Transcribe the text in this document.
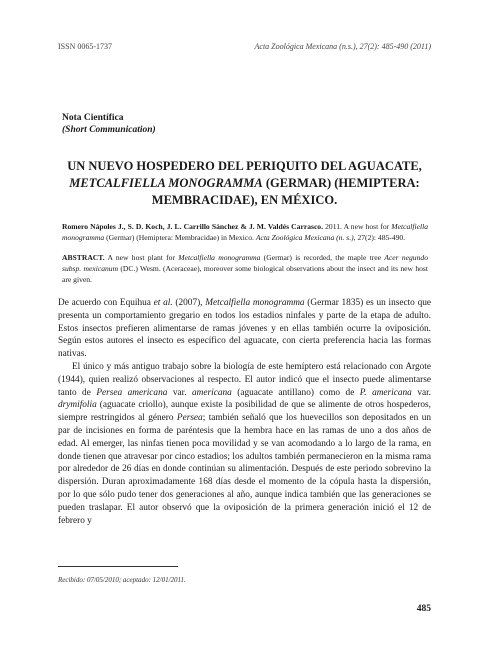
ISSN 0065-1737	Acta Zoológica Mexicana (n.s.), 27(2): 485-490 (2011)
Nota Científica
(Short Communication)
UN NUEVO HOSPEDERO DEL PERIQUITO DEL AGUACATE,
METCALFIELLA MONOGRAMMA (GERMAR) (HEMIPTERA:
MEMBRACIDAE), EN MÉXICO.
Romero Nápoles J., S. D. Koch, J. L. Carrillo Sánchez & J. M. Valdés Carrasco. 2011. A new host for Metcalfiella monogramma (Germar) (Hemiptera: Membracidae) in Mexico. Acta Zoológica Mexicana (n. s.), 27(2): 485-490.
ABSTRACT. A new host plant for Metcalfiella monogramma (Germar) is recorded, the maple tree Acer negundo subsp. mexicanum (DC.) Wesm. (Aceraceae), moreover some biological observations about the insect and its new host are given.

De acuerdo con Equihua et al. (2007), Metcalfiella monogramma (Germar 1835) es un insecto que presenta un comportamiento gregario en todos los estadios ninfales y parte de la etapa de adulto. Estos insectos prefieren alimentarse de ramas jóvenes y en ellas también ocurre la oviposición. Según estos autores el insecto es específico del aguacate, con cierta preferencia hacia las formas nativas.

El único y más antiguo trabajo sobre la biología de este hemíptero está relacionado con Argote (1944), quien realizó observaciones al respecto. El autor indicó que el insecto puede alimentarse tanto de Persea americana var. americana (aguacate antillano) como de P. americana var. drymifolia (aguacate criollo), aunque existe la posibilidad de que se alimente de otros hospederos, siempre restringidos al género Persea; también señaló que los huevecillos son depositados en un par de incisiones en forma de paréntesis que la hembra hace en las ramas de uno a dos años de edad. Al emerger, las ninfas tienen poca movilidad y se van acomodando a lo largo de la rama, en donde tienen que atravesar por cinco estadios; los adultos también permanecieron en la misma rama por alrededor de 26 días en donde continúan su alimentación. Después de este periodo sobrevino la dispersión. Duran aproximadamente 168 días desde el momento de la cópula hasta la dispersión, por lo que sólo pudo tener dos generaciones al año, aunque indica también que las generaciones se pueden traslapar. El autor observó que la oviposición de la primera generación inició el 12 de febrero y

Recibido: 07/05/2010; aceptado: 12/01/2011.
485
